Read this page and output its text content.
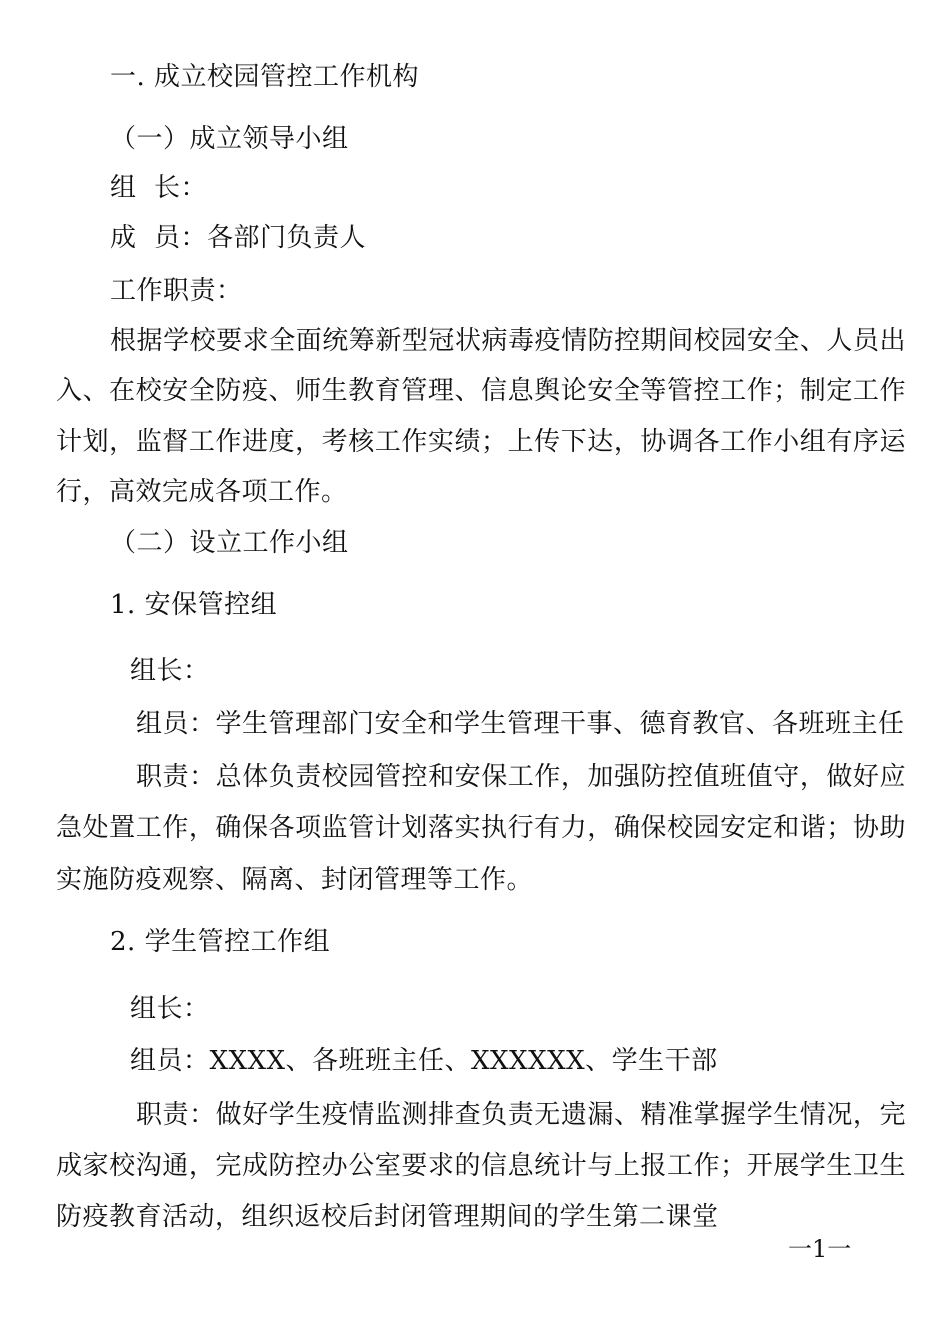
一. 成立校园管控工作机构
（一）成立领导小组
组  长：
成  员：各部门负责人
工作职责：
根据学校要求全面统筹新型冠状病毒疫情防控期间校园安全、人员出
入、在校安全防疫、师生教育管理、信息舆论安全等管控工作；制定工作
计划，监督工作进度，考核工作实绩；上传下达，协调各工作小组有序运
行，高效完成各项工作。
（二）设立工作小组
1. 安保管控组
组长：
组员：学生管理部门安全和学生管理干事、德育教官、各班班主任
职责：总体负责校园管控和安保工作，加强防控值班值守，做好应
急处置工作，确保各项监管计划落实执行有力，确保校园安定和谐；协助
实施防疫观察、隔离、封闭管理等工作。
2. 学生管控工作组
组长：
组员：XXXX、各班班主任、XXXXXX、学生干部
职责：做好学生疫情监测排查负责无遗漏、精准掌握学生情况，完
成家校沟通，完成防控办公室要求的信息统计与上报工作；开展学生卫生
防疫教育活动，组织返校后封闭管理期间的学生第二课堂
一1一
